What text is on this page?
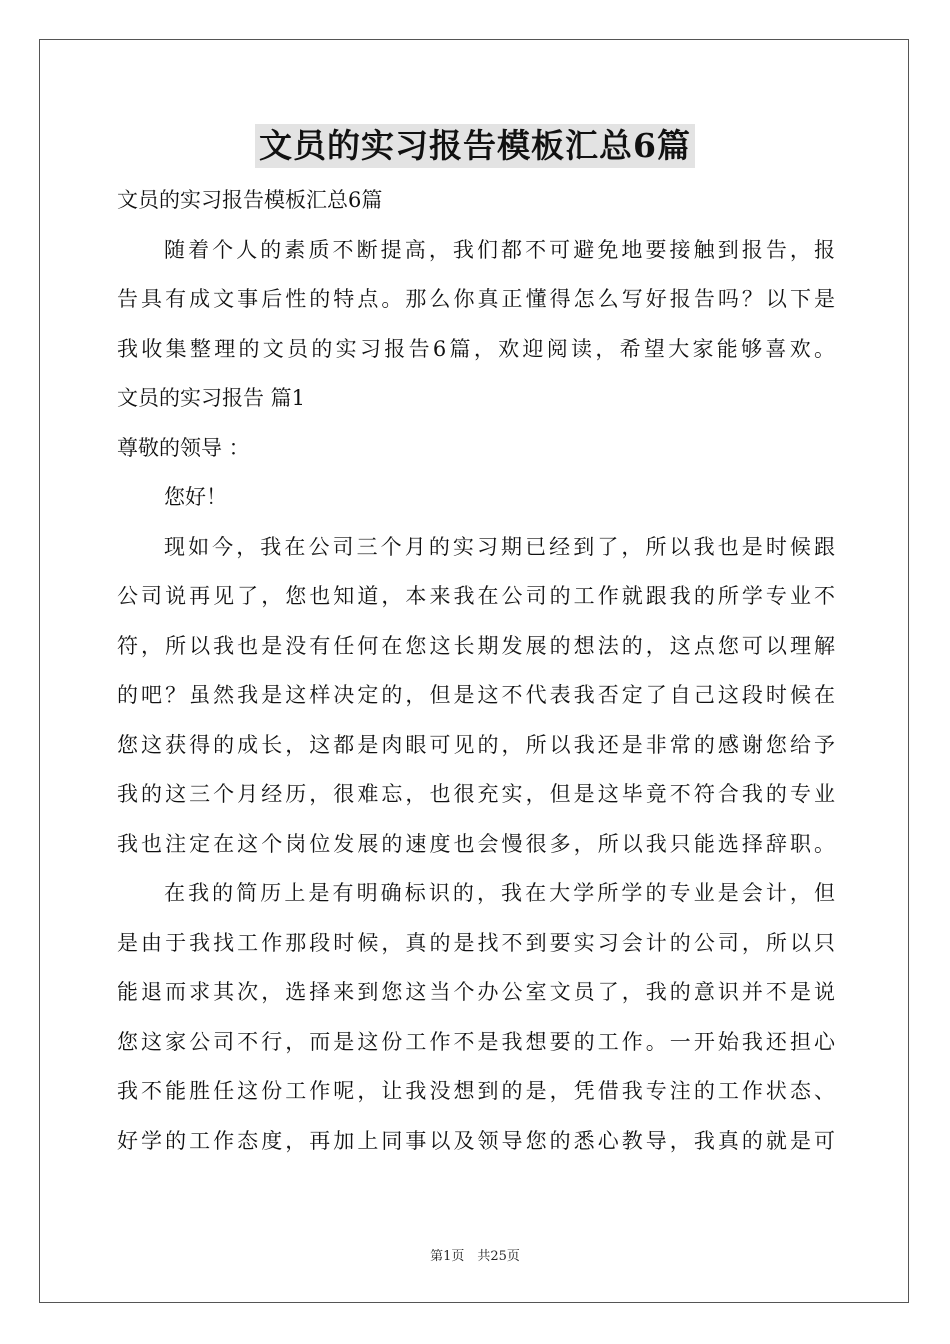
文员的实习报告模板汇总6篇
文员的实习报告模板汇总6篇
随着个人的素质不断提高，我们都不可避免地要接触到报告，报
告具有成文事后性的特点。那么你真正懂得怎么写好报告吗？以下是
我收集整理的文员的实习报告6篇，欢迎阅读，希望大家能够喜欢。
文员的实习报告 篇1
尊敬的领导 ：
您好！
现如今，我在公司三个月的实习期已经到了，所以我也是时候跟
公司说再见了，您也知道，本来我在公司的工作就跟我的所学专业不
符，所以我也是没有任何在您这长期发展的想法的，这点您可以理解
的吧？虽然我是这样决定的，但是这不代表我否定了自己这段时候在
您这获得的成长，这都是肉眼可见的，所以我还是非常的感谢您给予
我的这三个月经历，很难忘，也很充实，但是这毕竟不符合我的专业
我也注定在这个岗位发展的速度也会慢很多，所以我只能选择辞职。
在我的简历上是有明确标识的，我在大学所学的专业是会计，但
是由于我找工作那段时候，真的是找不到要实习会计的公司，所以只
能退而求其次，选择来到您这当个办公室文员了，我的意识并不是说
您这家公司不行，而是这份工作不是我想要的工作。一开始我还担心
我不能胜任这份工作呢，让我没想到的是，凭借我专注的工作状态、
好学的工作态度，再加上同事以及领导您的悉心教导，我真的就是可
第1页　共25页
